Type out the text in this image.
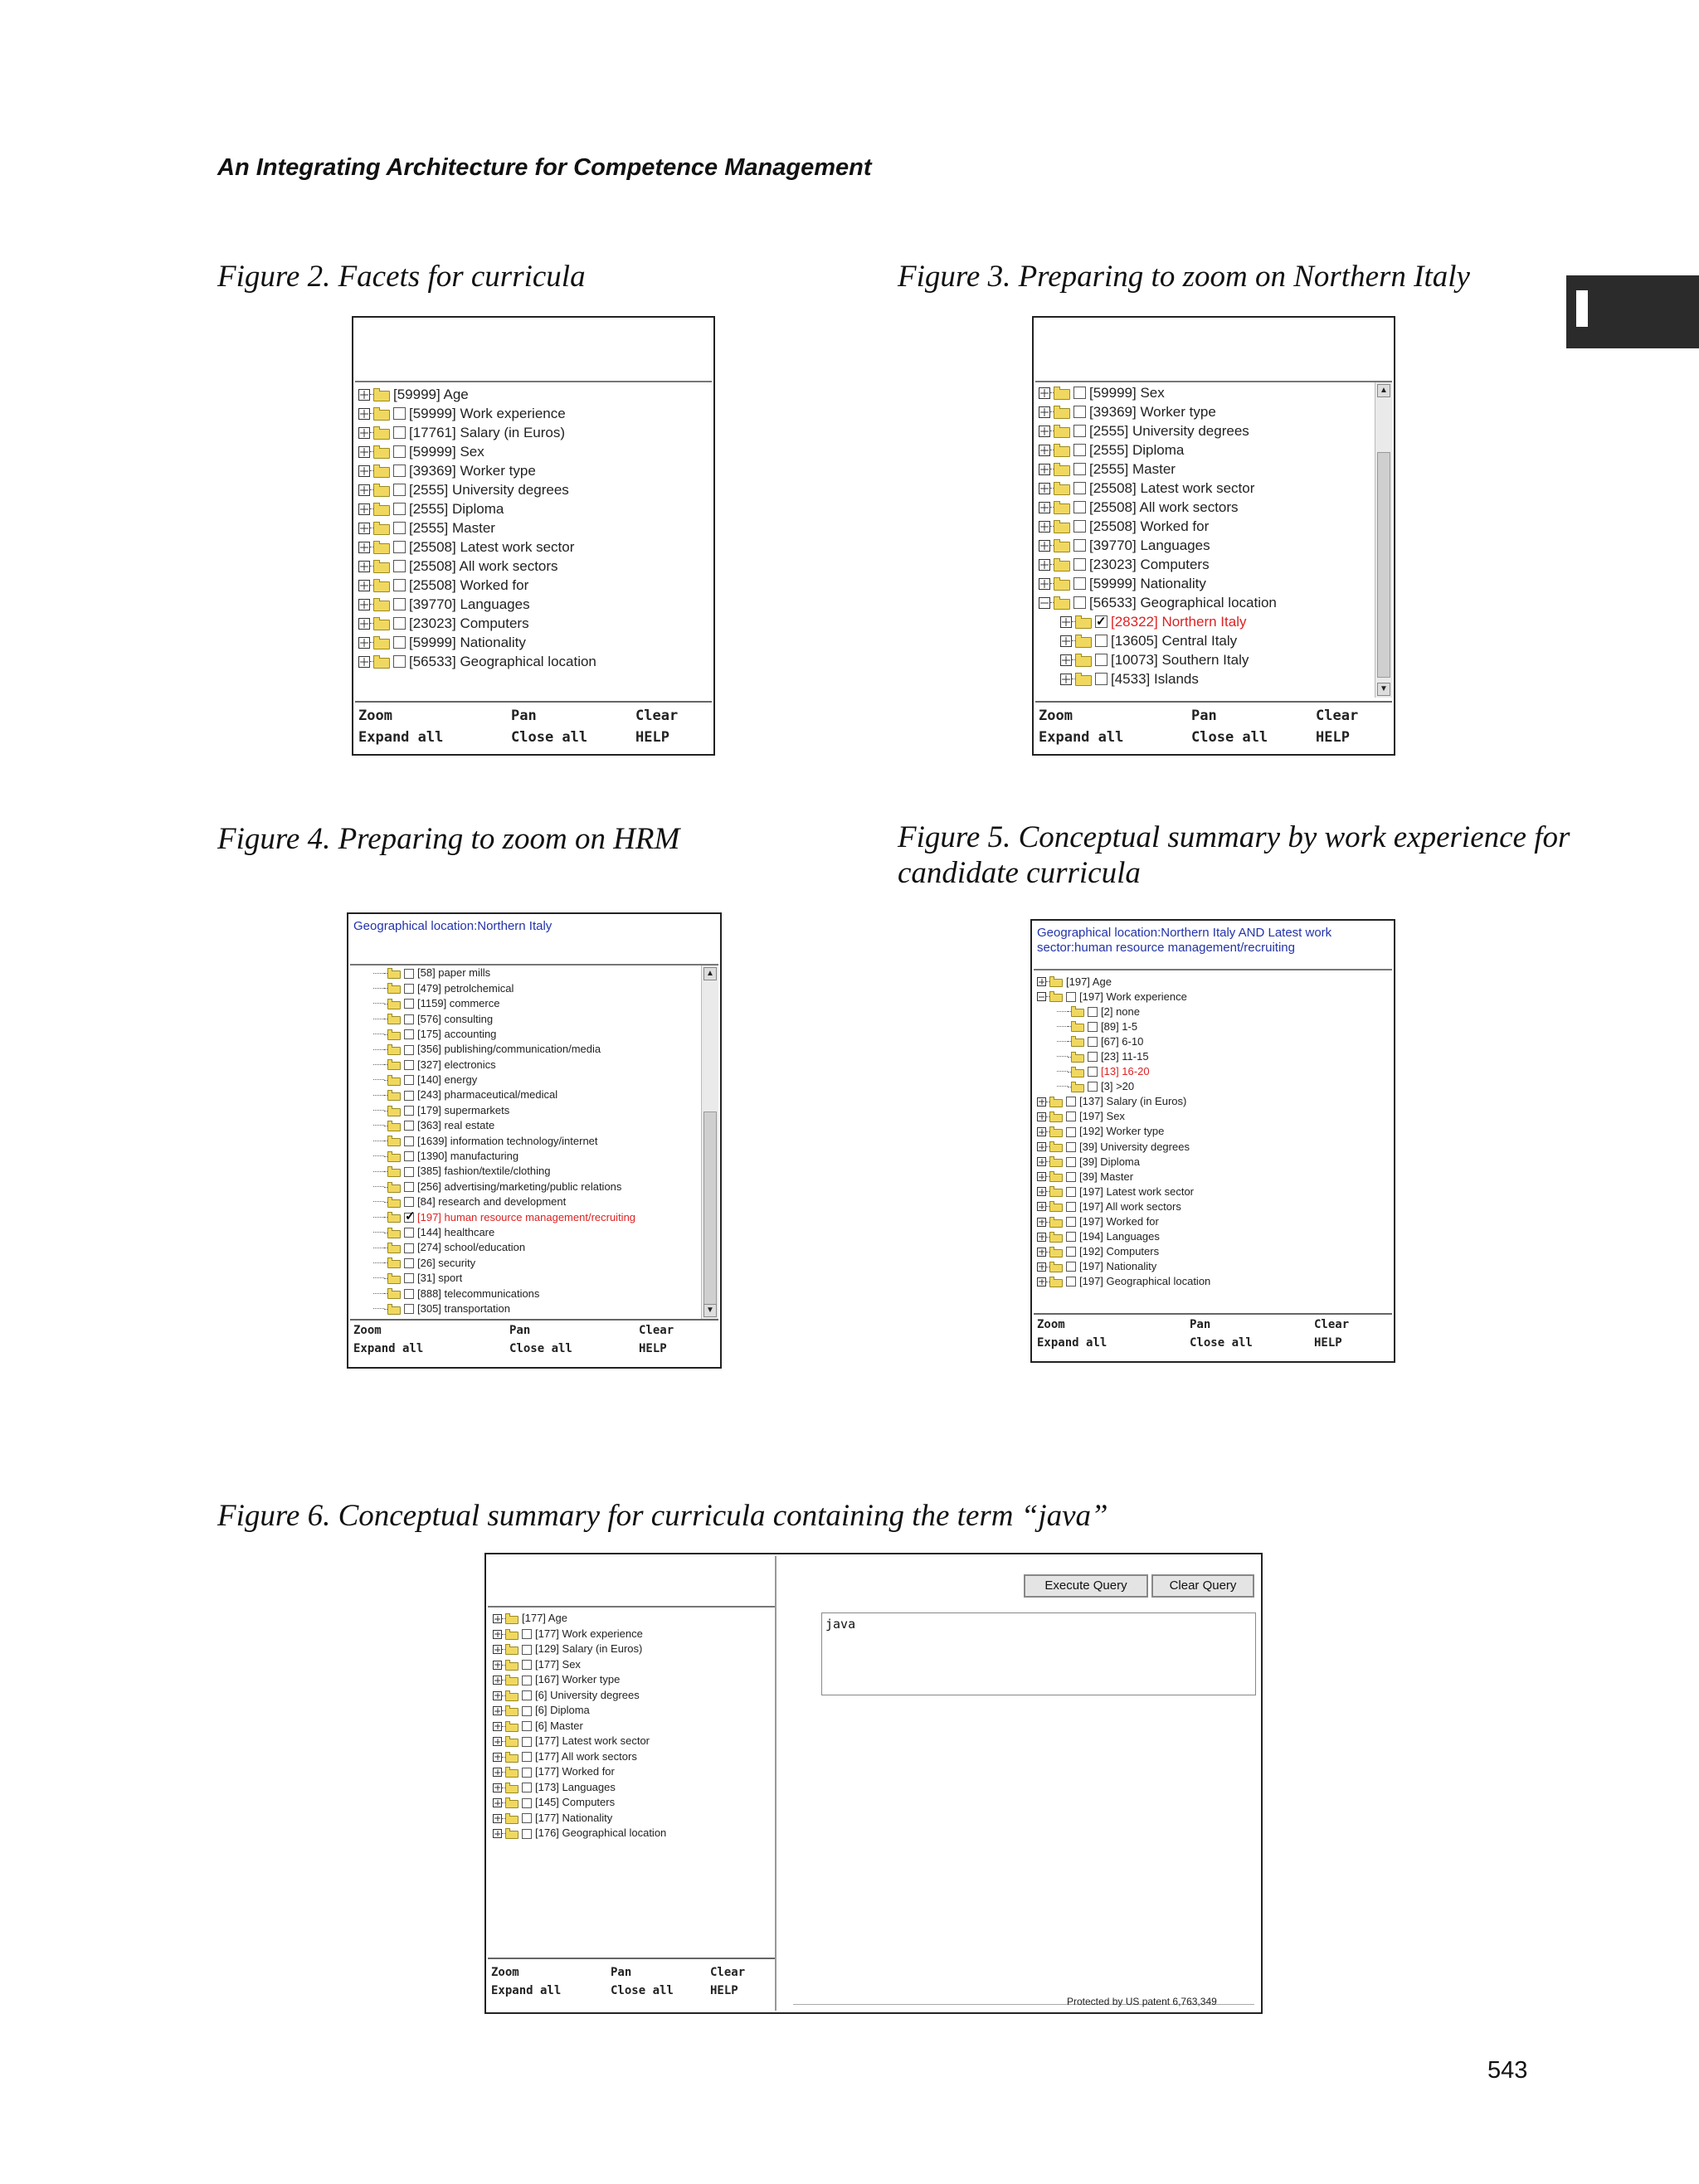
An Integrating Architecture for Competence Management
543
Figure 2. Facets for curricula	Figure 3. Preparing to zoom on Northern Italy
Figure 4. Preparing to zoom on HRM	Figure 5. Conceptual summary by work experience for
candidate curricula
Figure 6. Conceptual summary for curricula containing the term “java”
[59999] Age
[59999] Work experience
[17761] Salary (in Euros)
[59999] Sex
[39369] Worker type
[2555] University degrees
[2555] Diploma
[2555] Master
[25508] Latest work sector
[25508] All work sectors
[25508] Worked for
[39770] Languages
[23023] Computers
[59999] Nationality
[56533] Geographical location
Zoom	Pan	Clear
Expand all	Close all	HELP
[59999] Sex
[39369] Worker type
[2555] University degrees
[2555] Diploma
[2555] Master
[25508] Latest work sector
[25508] All work sectors
[25508] Worked for
[39770] Languages
[23023] Computers
[59999] Nationality
[56533] Geographical location
✓[28322] Northern Italy
[13605] Central Italy
[10073] Southern Italy
[4533] Islands
▲
▼
Zoom	Pan	Clear
Expand all	Close all	HELP
Geographical location:Northern Italy
[58] paper mills
[479] petrolchemical
[1159] commerce
[576] consulting
[175] accounting
[356] publishing/communication/media
[327] electronics
[140] energy
[243] pharmaceutical/medical
[179] supermarkets
[363] real estate
[1639] information technology/internet
[1390] manufacturing
[385] fashion/textile/clothing
[256] advertising/marketing/public relations
[84] research and development
✓[197] human resource management/recruiting
[144] healthcare
[274] school/education
[26] security
[31] sport
[888] telecommunications
[305] transportation
▲
▼
Zoom	Pan	Clear
Expand all	Close all	HELP
Geographical location:Northern Italy AND Latest work sector:human resource management/recruiting
[197] Age
[197] Work experience
[2] none
[89] 1-5
[67] 6-10
[23] 11-15
[13] 16-20
[3] >20
[137] Salary (in Euros)
[197] Sex
[192] Worker type
[39] University degrees
[39] Diploma
[39] Master
[197] Latest work sector
[197] All work sectors
[197] Worked for
[194] Languages
[192] Computers
[197] Nationality
[197] Geographical location
Zoom	Pan	Clear
Expand all	Close all	HELP
[177] Age
[177] Work experience
[129] Salary (in Euros)
[177] Sex
[167] Worker type
[6] University degrees
[6] Diploma
[6] Master
[177] Latest work sector
[177] All work sectors
[177] Worked for
[173] Languages
[145] Computers
[177] Nationality
[176] Geographical location
Zoom	Pan	Clear
Expand all	Close all	HELP
Execute Query	Clear Query
java
Protected by US patent 6,763,349
